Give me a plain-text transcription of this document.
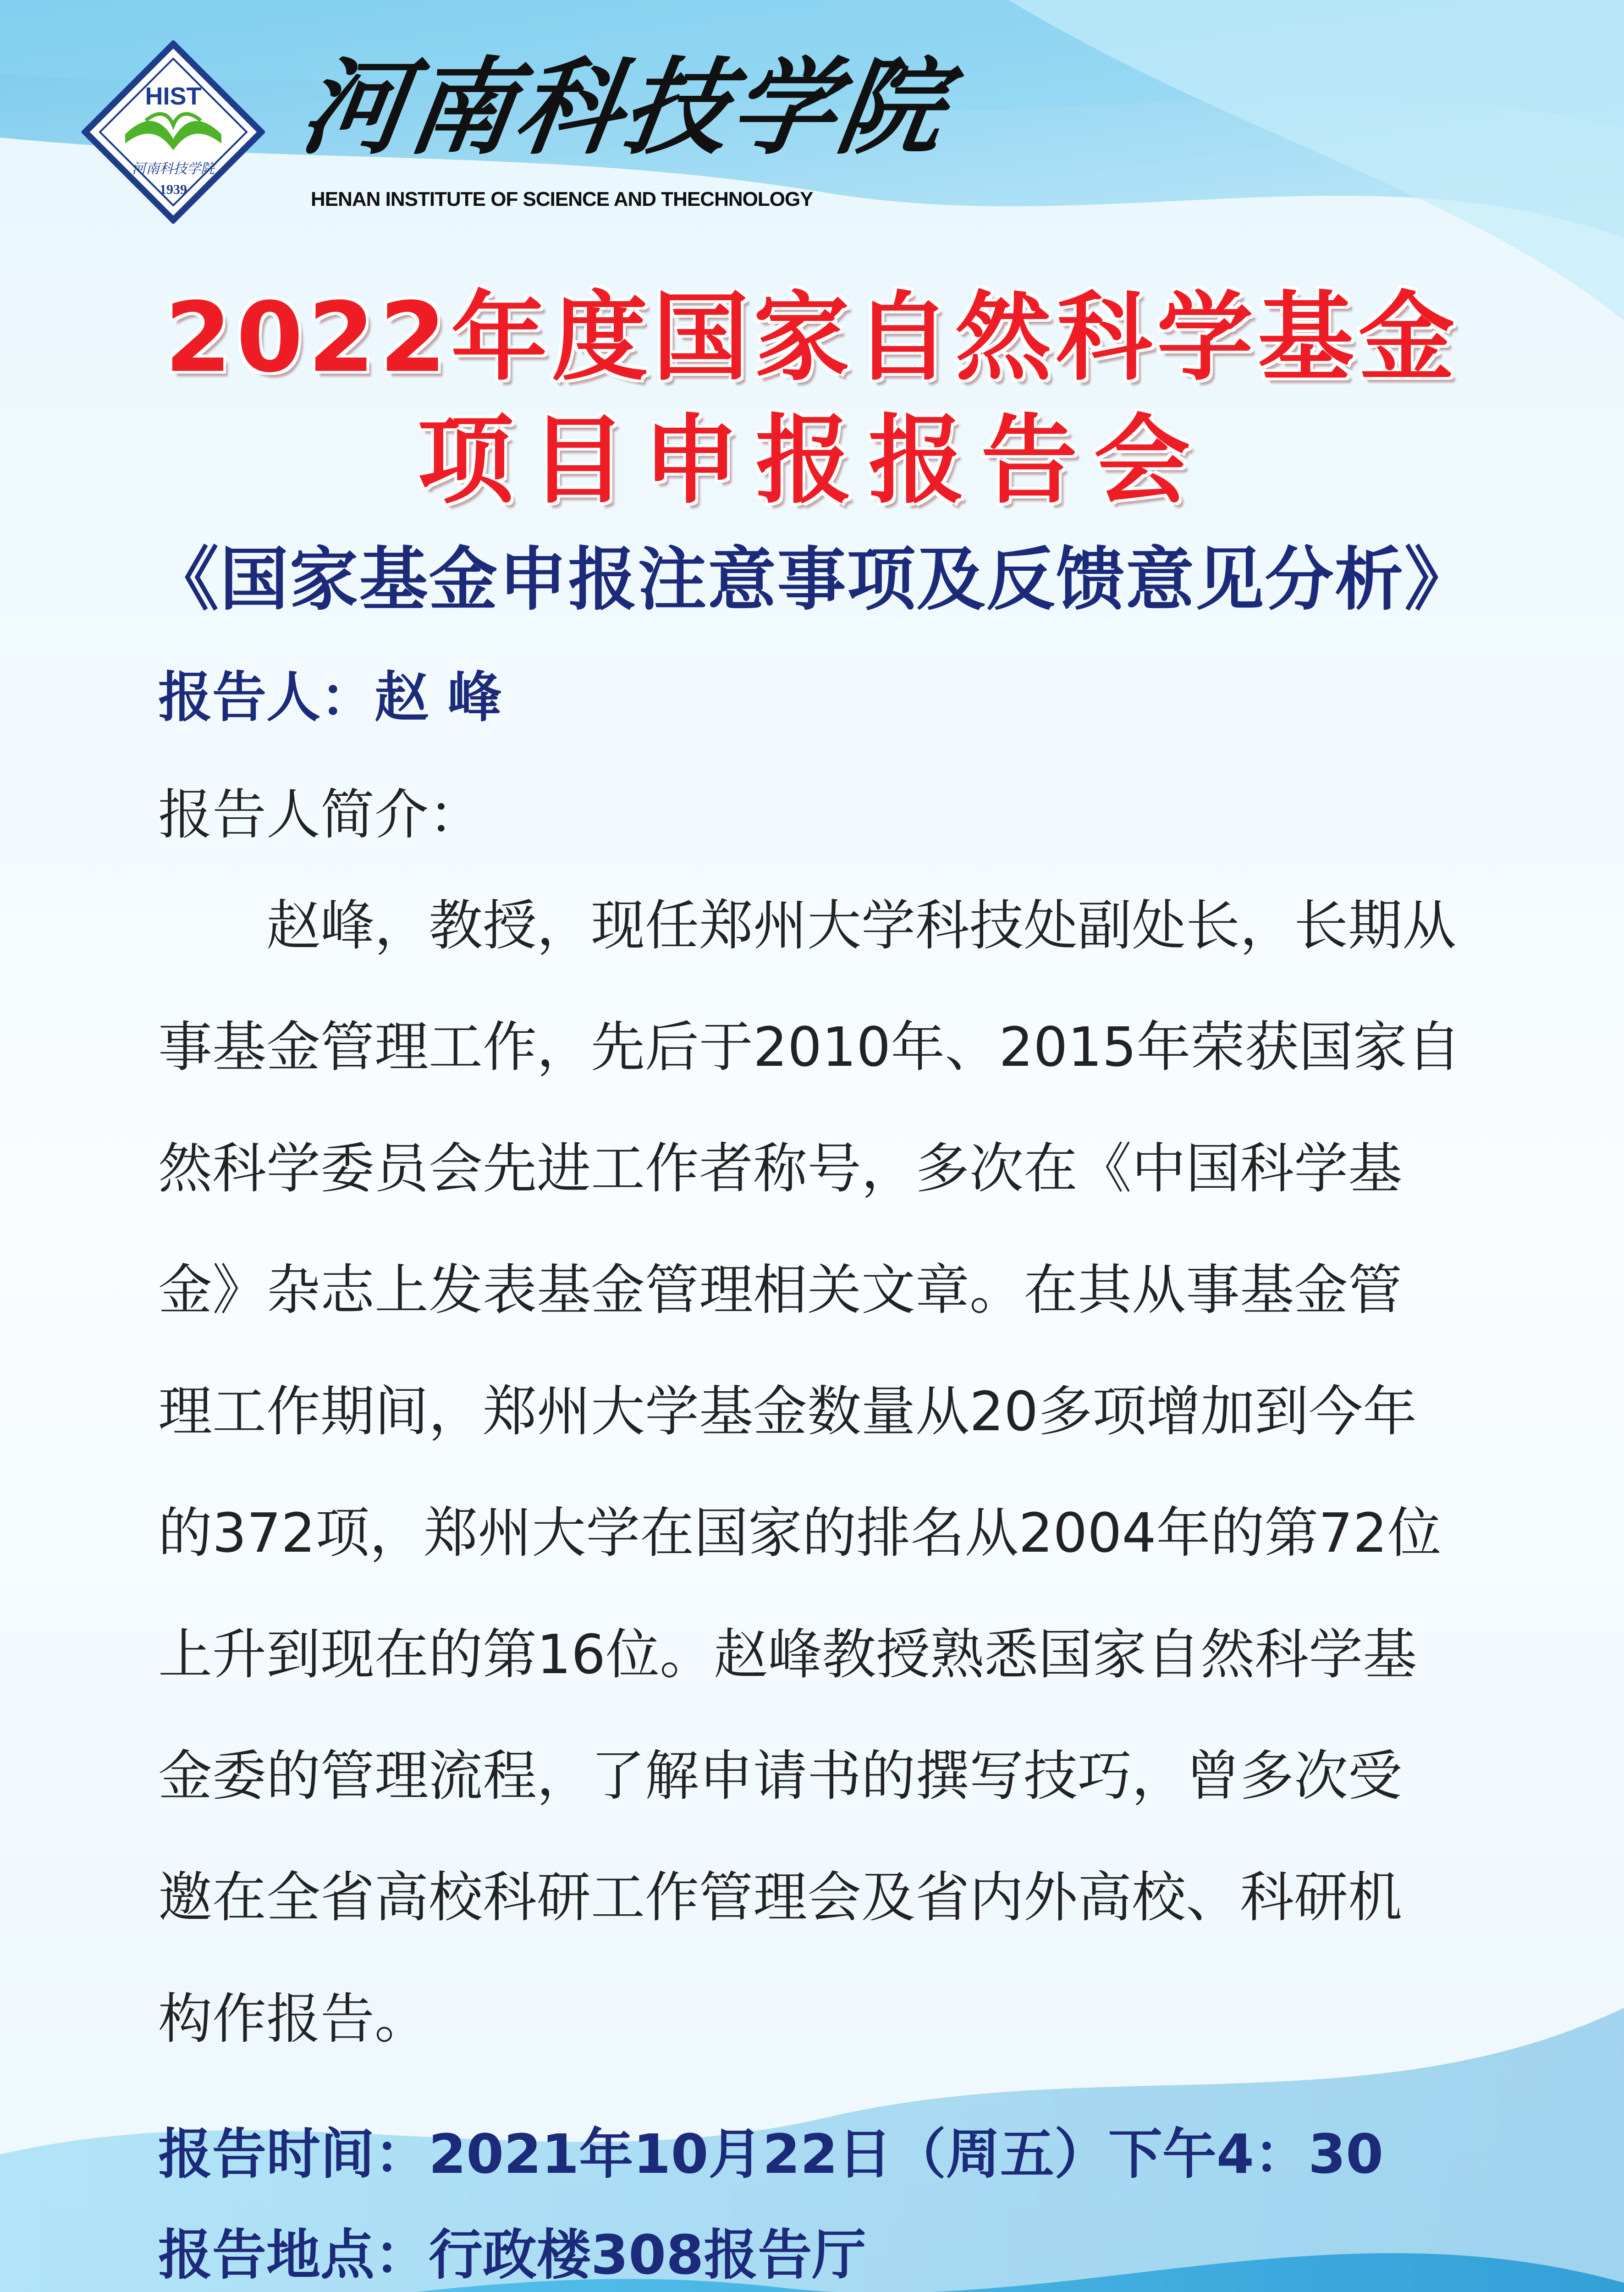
HIST
河南科技学院
1939
河南科技学院
HENAN INSTITUTE OF SCIENCE AND THECHNOLOGY
2022年度国家自然科学基金
项目申报报告会
《国家基金申报注意事项及反馈意见分析》
报告人：赵 峰
报告人简介：
　　赵峰，教授，现任郑州大学科技处副处长，长期从
事基金管理工作，先后于2010年、2015年荣获国家自
然科学委员会先进工作者称号，多次在《中国科学基
金》杂志上发表基金管理相关文章。在其从事基金管
理工作期间，郑州大学基金数量从20多项增加到今年
的372项，郑州大学在国家的排名从2004年的第72位
上升到现在的第16位。赵峰教授熟悉国家自然科学基
金委的管理流程，了解申请书的撰写技巧，曾多次受
邀在全省高校科研工作管理会及省内外高校、科研机
构作报告。
报告时间：2021年10月22日（周五）下午4：30
报告地点：行政楼308报告厅
